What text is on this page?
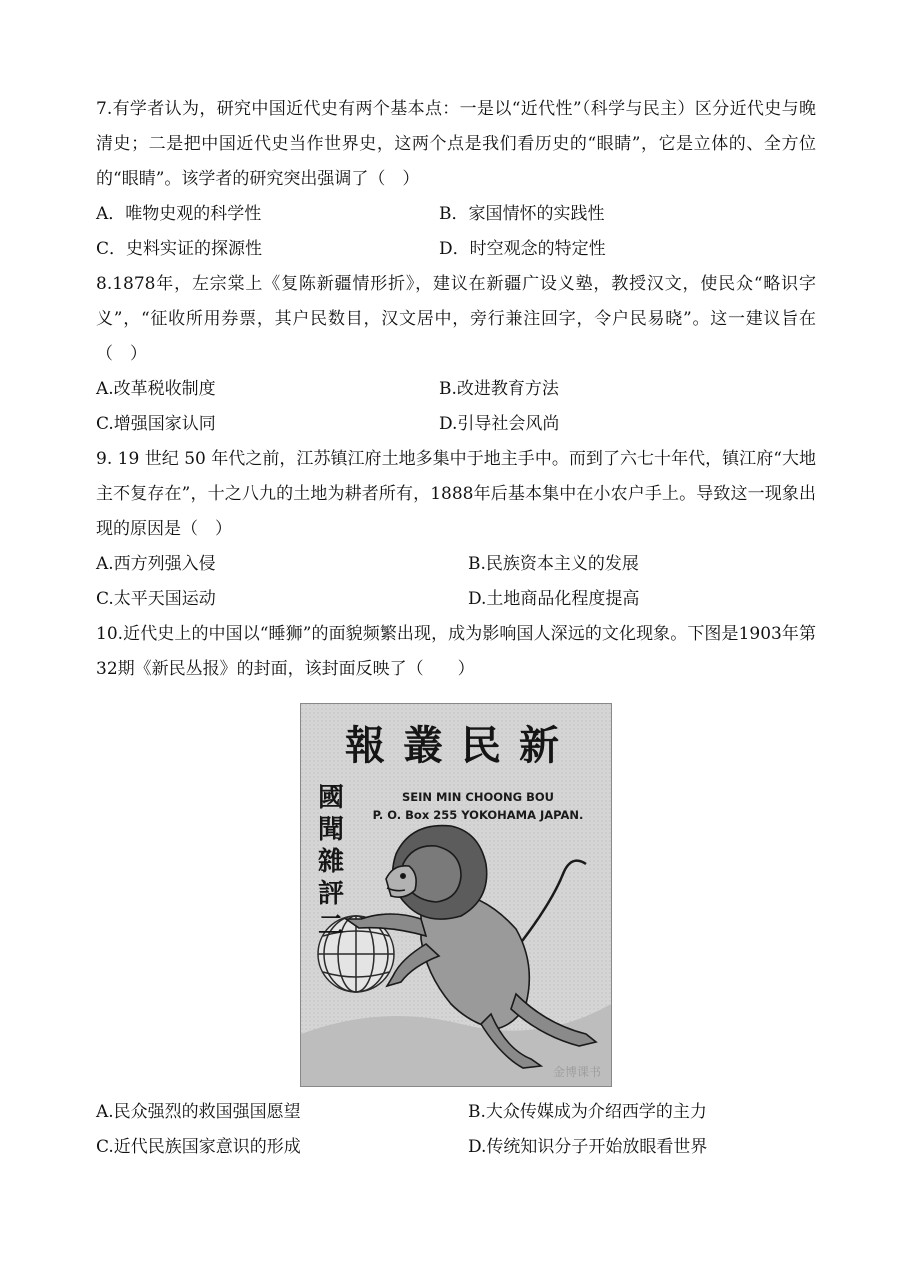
7.有学者认为，研究中国近代史有两个基本点：一是以“近代性”（科学与民主）区分近代史与晚清史；二是把中国近代史当作世界史，这两个点是我们看历史的“眼睛”，它是立体的、全方位的“眼睛”。该学者的研究突出强调了（　）

A．唯物史观的科学性	B．家国情怀的实践性
C．史料实证的探源性	D．时空观念的特定性

8.1878年，左宗棠上《复陈新疆情形折》，建议在新疆广设义塾，教授汉文，使民众“略识字义”，“征收所用券票，其户民数目，汉文居中，旁行兼注回字，令户民易晓”。这一建议旨在（　）

A.改革税收制度	B.改进教育方法
C.增强国家认同	D.引导社会风尚

9. 19 世纪 50 年代之前，江苏镇江府土地多集中于地主手中。而到了六七十年代，镇江府“大地主不复存在”，十之八九的土地为耕者所有，1888年后基本集中在小农户手上。导致这一现象出现的原因是（　）

A.西方列强入侵	B.民族资本主义的发展
C.太平天国运动	D.土地商品化程度提高

10.近代史上的中国以“睡狮”的面貌频繁出现，成为影响国人深远的文化现象。下图是1903年第32期《新民丛报》的封面，该封面反映了（　　）

報叢民新
國聞雜評二
SEIN MIN CHOONG BOU
P. O. Box 255 YOKOHAMA JAPAN.
金博课书
A.民众强烈的救国强国愿望	B.大众传媒成为介绍西学的主力
C.近代民族国家意识的形成	D.传统知识分子开始放眼看世界
